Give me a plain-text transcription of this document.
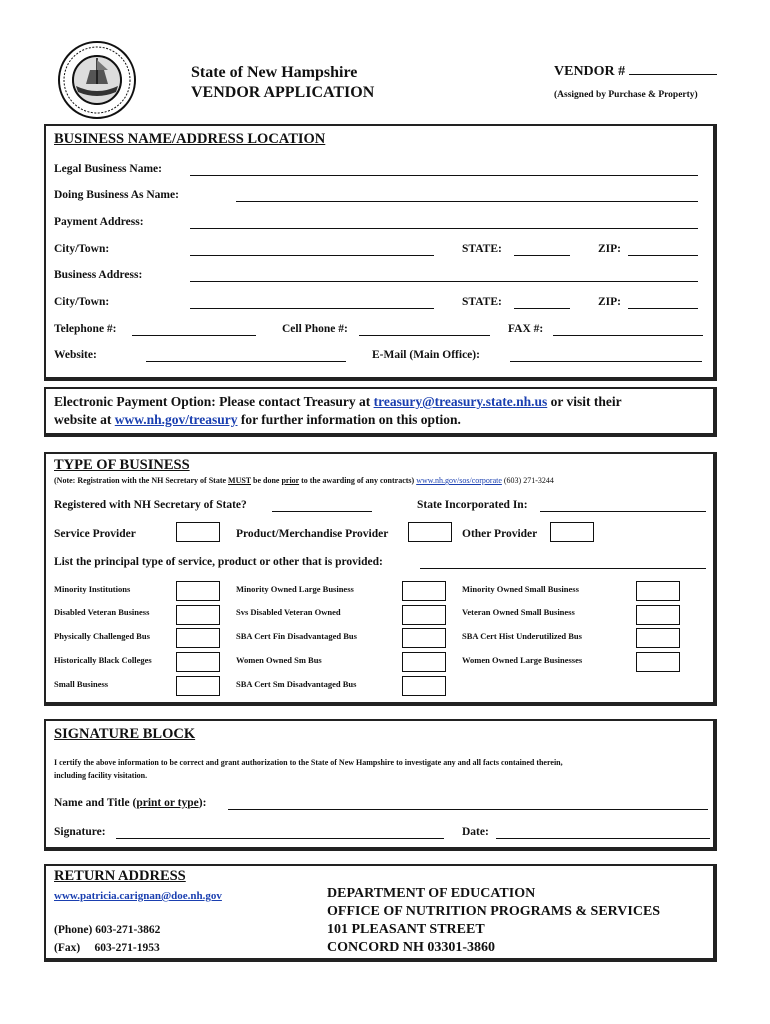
State of New Hampshire
VENDOR APPLICATION
VENDOR #
(Assigned by Purchase & Property)
BUSINESS NAME/ADDRESS LOCATION
Legal Business Name:
Doing Business As Name:
Payment Address:
City/Town:	STATE:	ZIP:
Business Address:
City/Town:	STATE:	ZIP:
Telephone #:	Cell Phone #:	FAX #:
Website:	E-Mail (Main Office):
Electronic Payment Option: Please contact Treasury at treasury@treasury.state.nh.us or visit their
website at www.nh.gov/treasury for further information on this option.
TYPE OF BUSINESS
(Note: Registration with the NH Secretary of State MUST be done prior to the awarding of any contracts) www.nh.gov/sos/corporate (603) 271-3244
Registered with NH Secretary of State?	State Incorporated In:
Service Provider	Product/Merchandise Provider	Other Provider
List the principal type of service, product or other that is provided:
Minority Institutions	Minority Owned Large Business	Minority Owned Small Business
Disabled Veteran Business	Svs Disabled Veteran Owned	Veteran Owned Small Business
Physically Challenged Bus	SBA Cert Fin Disadvantaged Bus	SBA Cert Hist Underutilized Bus
Historically Black Colleges	Women Owned Sm Bus	Women Owned Large Businesses
Small Business	SBA Cert Sm Disadvantaged Bus
SIGNATURE BLOCK
I certify the above information to be correct and grant authorization to the State of New Hampshire to investigate any and all facts contained therein,
including facility visitation.
Name and Title (print or type):
Signature:	Date:
RETURN ADDRESS
www.patricia.carignan@doe.nh.gov
(Phone) 603-271-3862
(Fax)     603-271-1953
DEPARTMENT OF EDUCATION
OFFICE OF NUTRITION PROGRAMS & SERVICES
101 PLEASANT STREET
CONCORD NH 03301-3860
